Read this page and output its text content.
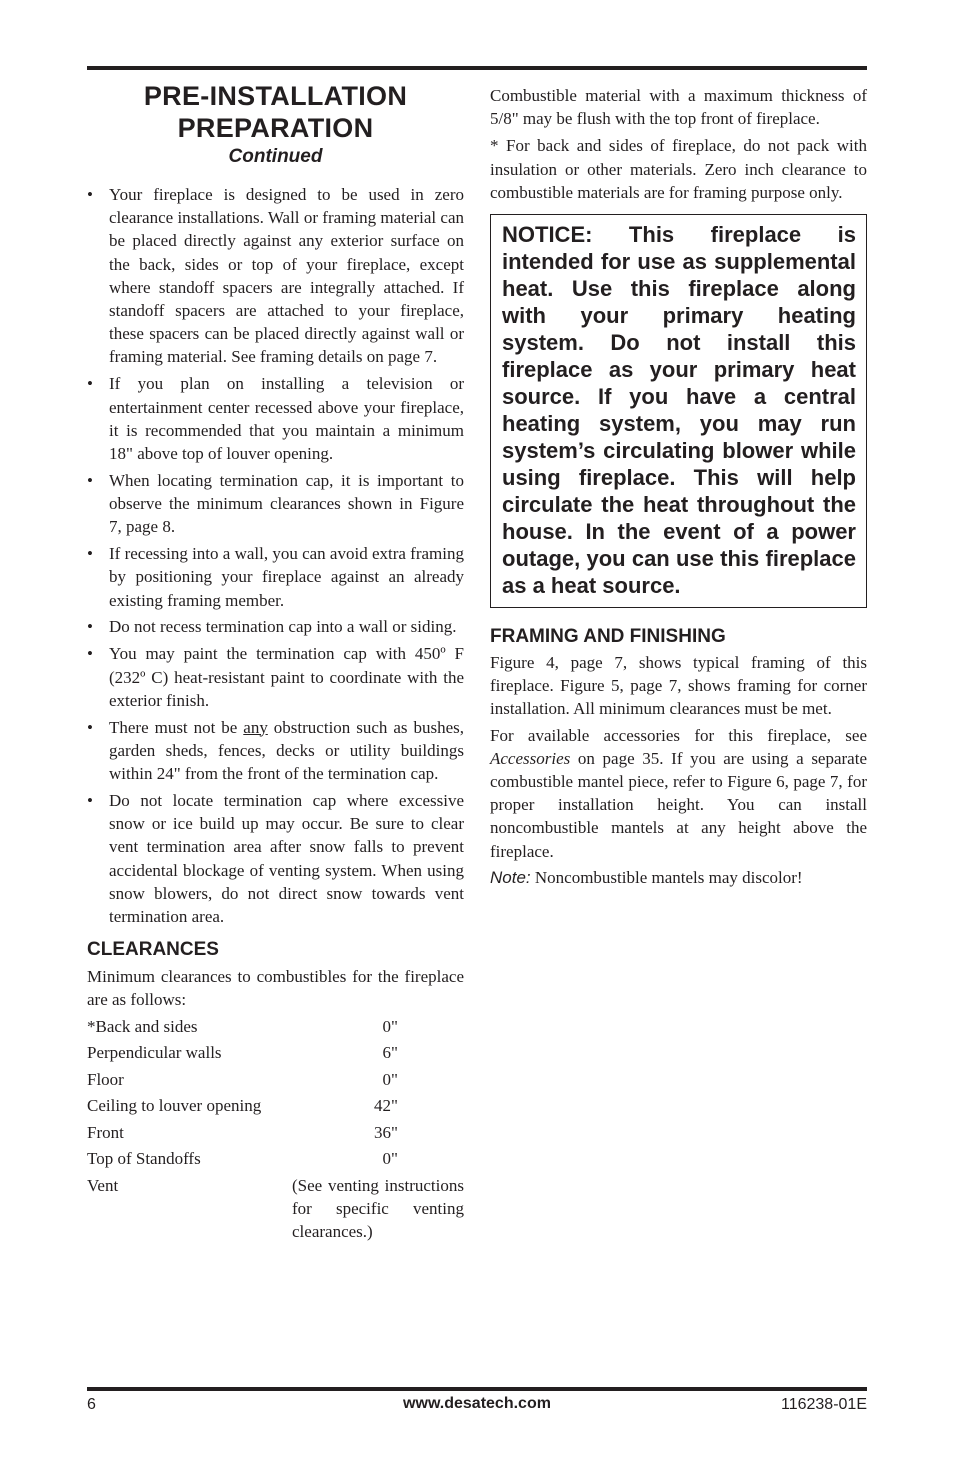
PRE-INSTALLATION
PREPARATION
Continued
• Your fireplace is designed to be used in zero clearance installations. Wall or framing material can be placed directly against any exterior surface on the back, sides or top of your fireplace, except where standoff spacers are integrally attached. If standoff spacers are attached to your fireplace, these spacers can be placed directly against wall or framing material. See framing details on page 7.
• If you plan on installing a television or entertainment center recessed above your fireplace, it is recommended that you maintain a minimum 18" above top of louver opening.
• When locating termination cap, it is important to observe the minimum clearances shown in Figure 7, page 8.
• If recessing into a wall, you can avoid extra framing by positioning your fireplace against an already existing framing member.
• Do not recess termination cap into a wall or siding.
• You may paint the termination cap with 450º F (232º C) heat-resistant paint to coordinate with the exterior finish.
• There must not be any obstruction such as bushes, garden sheds, fences, decks or utility buildings within 24" from the front of the termination cap.
• Do not locate termination cap where excessive snow or ice build up may occur. Be sure to clear vent termination area after snow falls to prevent accidental blockage of venting system. When using snow blowers, do not direct snow towards vent termination area.
CLEARANCES

Minimum clearances to combustibles for the fireplace are as follows:

*Back and sides	0"
Perpendicular walls	6"
Floor	0"
Ceiling to louver opening	42"
Front	36"
Top of Standoffs	0"
Vent	(See venting instructions for specific venting clearances.)

Combustible material with a maximum thickness of 5/8" may be flush with the top front of fireplace.

* For back and sides of fireplace, do not pack with insulation or other materials. Zero inch clearance to combustible materials are for framing purpose only.

NOTICE: This fireplace is intended for use as supplemental heat. Use this fireplace along with your primary heating system. Do not install this fireplace as your primary heat source. If you have a central heating system, you may run system’s circulating blower while using fireplace. This will help circulate the heat throughout the house. In the event of a power outage, you can use this fireplace as a heat source.

FRAMING AND FINISHING

Figure 4, page 7, shows typical framing of this fireplace. Figure 5, page 7, shows framing for corner installation. All minimum clearances must be met.

For available accessories for this fireplace, see Accessories on page 35. If you are using a separate combustible mantel piece, refer to Figure 6, page 7, for proper installation height. You can install noncombustible mantels at any height above the fireplace.

Note: Noncombustible mantels may discolor!

6	www.desatech.com	116238-01E
